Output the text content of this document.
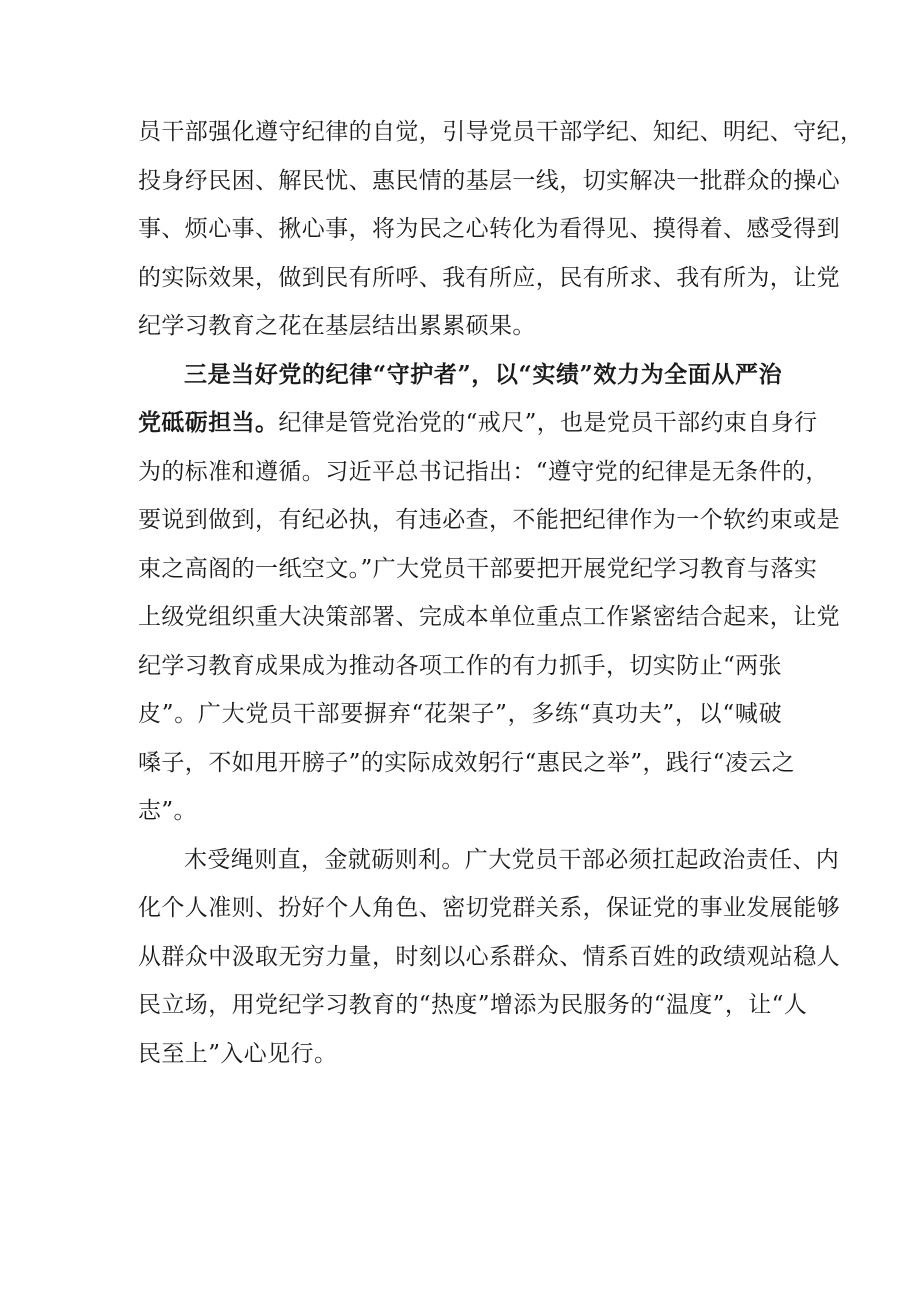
员干部强化遵守纪律的自觉，引导党员干部学纪、知纪、明纪、守纪，
投身纾民困、解民忧、惠民情的基层一线，切实解决一批群众的操心
事、烦心事、揪心事，将为民之心转化为看得见、摸得着、感受得到
的实际效果，做到民有所呼、我有所应，民有所求、我有所为，让党
纪学习教育之花在基层结出累累硕果。
三是当好党的纪律“守护者”，以“实绩”效力为全面从严治
党砥砺担当。纪律是管党治党的“戒尺”，也是党员干部约束自身行
为的标准和遵循。习近平总书记指出：“遵守党的纪律是无条件的，
要说到做到，有纪必执，有违必查，不能把纪律作为一个软约束或是
束之高阁的一纸空文。”广大党员干部要把开展党纪学习教育与落实
上级党组织重大决策部署、完成本单位重点工作紧密结合起来，让党
纪学习教育成果成为推动各项工作的有力抓手，切实防止“两张
皮”。广大党员干部要摒弃“花架子”，多练“真功夫”，以“喊破
嗓子，不如甩开膀子”的实际成效躬行“惠民之举”，践行“凌云之
志”。
木受绳则直，金就砺则利。广大党员干部必须扛起政治责任、内
化个人准则、扮好个人角色、密切党群关系，保证党的事业发展能够
从群众中汲取无穷力量，时刻以心系群众、情系百姓的政绩观站稳人
民立场，用党纪学习教育的“热度”增添为民服务的“温度”，让“人
民至上”入心见行。
